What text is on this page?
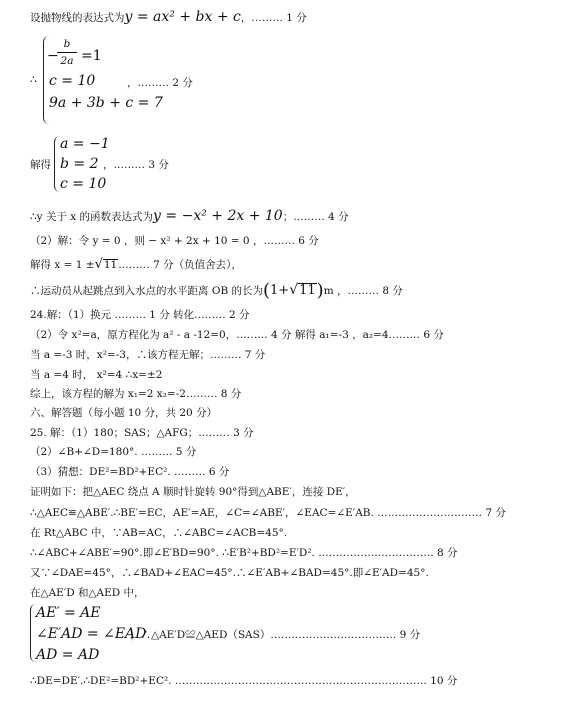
设抛物线的表达式为y = ax² + bx + c，……… 1 分
∴
−
b
2a =1
c = 10	，……… 2 分
9a + 3b + c = 7
解得
a = −1
b = 2 ，……… 3 分
c = 10
∴y 关于 x 的函数表达式为y = −x² + 2x + 10；……… 4 分
（2）解：令 y = 0 ，则 − x² + 2x + 10 = 0 ，……… 6 分
解得 x = 1 ±√11……… 7 分（负值舍去），
∴运动员从起跳点到入水点的水平距离 OB 的长为(1+√11)m ，……… 8 分
24.解：（1）换元 ……… 1 分 转化……… 2 分
（2）令 x²=a，原方程化为 a² - a -12=0，……… 4 分 解得 a₁=-3 ，a₂=4……… 6 分
当 a =-3 时，x²=-3，∴该方程无解；……… 7 分
当 a =4 时， x²=4 ∴x=±2
综上，该方程的解为 x₁=2 x₂=-2……… 8 分
六、解答题（每小题 10 分，共 20 分）
25. 解：（1）180；SAS；△AFG；……… 3 分
（2）∠B+∠D=180°. ……… 5 分
（3）猜想：DE²=BD²+EC². ……… 6 分
证明如下：把△AEC 绕点 A 顺时针旋转 90°得到△ABE′，连接 DE′，
∴△AEC≌△ABE′.∴BE′=EC，AE′=AE，∠C=∠ABE′，∠EAC=∠E′AB. ………………………… 7 分
在 Rt△ABC 中，∵AB=AC，∴∠ABC=∠ACB=45°.
∴∠ABC+∠ABE′=90°.即∠E′BD=90°. ∴E′B²+BD²=E′D². …………………………… 8 分
又∵∠DAE=45°，∴∠BAD+∠EAC=45°.∴∠E′AB+∠BAD=45°.即∠E′AD=45°.
在△AE′D 和△AED 中，
AE′ = AE
∠E′AD = ∠EAD
，∴△AE′D≌△AED（SAS）……………………………… 9 分
AD = AD
∴DE=DE′.∴DE²=BD²+EC². ……………………………………………………………… 10 分
